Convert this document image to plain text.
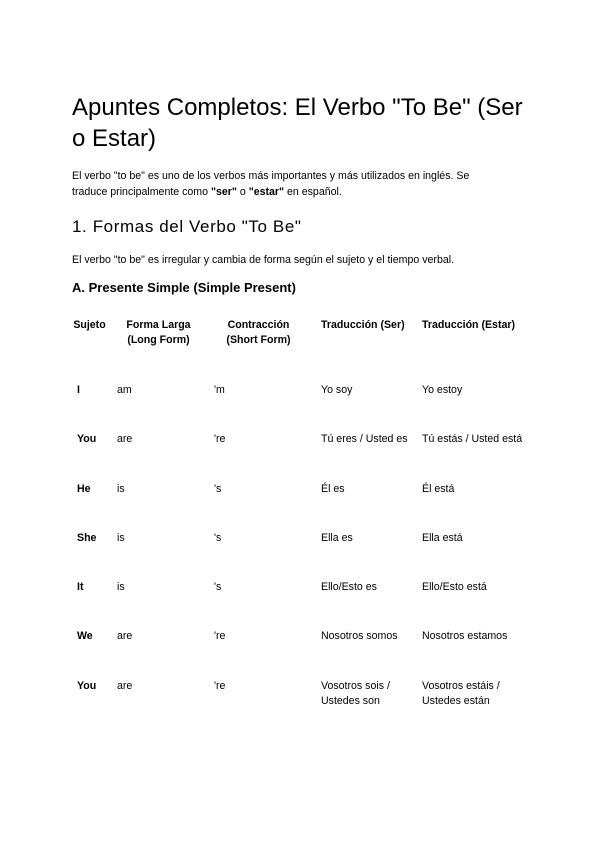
Apuntes Completos: El Verbo "To Be" (Ser o Estar)

El verbo "to be" es uno de los verbos más importantes y más utilizados en inglés. Se traduce principalmente como "ser" o "estar" en español.

1. Formas del Verbo "To Be"

El verbo "to be" es irregular y cambia de forma según el sujeto y el tiempo verbal.

A. Presente Simple (Simple Present)
Sujeto	Forma Larga (Long Form)	Contracción (Short Form)	Traducción (Ser)	Traducción (Estar)

I	am	'm	Yo soy	Yo estoy
You	are	're	Tú eres / Usted es	Tú estás / Usted está
He	is	's	Él es	Él está
She	is	's	Ella es	Ella está
It	is	's	Ello/Esto es	Ello/Esto está
We	are	're	Nosotros somos	Nosotros estamos
You	are	're	Vosotros sois / Ustedes son	Vosotros estáis / Ustedes están
